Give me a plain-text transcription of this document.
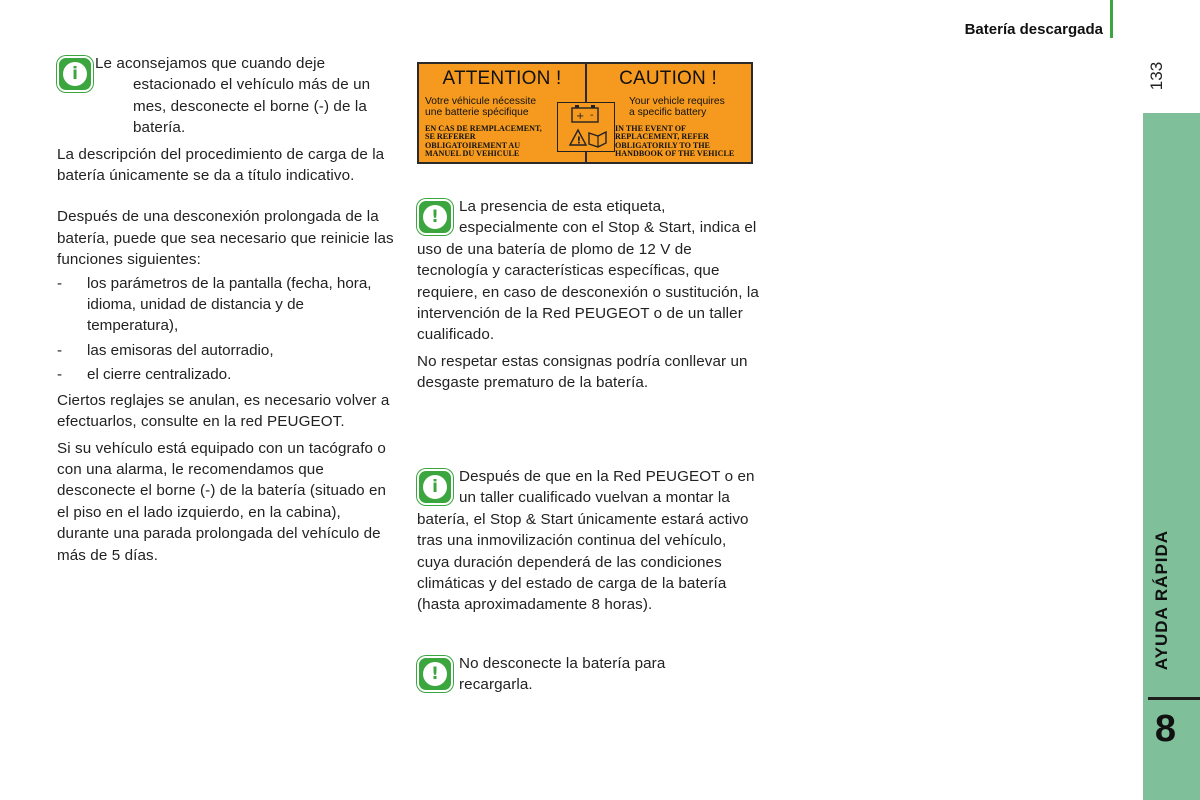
Batería descargada
133
AYUDA RÁPIDA
8
i

Le aconsejamos que cuando deje estacionado el vehículo más de un mes, desconecte el borne (-) de la batería.

La descripción del procedimiento de carga de la batería únicamente se da a título indicativo.

Después de una desconexión prolongada de la batería, puede que sea necesario que reinicie las funciones siguientes:

- los parámetros de la pantalla (fecha, hora, idioma, unidad de distancia y de temperatura),
- las emisoras del autorradio,
- el cierre centralizado.

Ciertos reglajes se anulan, es necesario volver a efectuarlos, consulte en la red PEUGEOT.

Si su vehículo está equipado con un tacógrafo o con una alarma, le recomendamos que desconecte el borne (-) de la batería (situado en el piso en el lado izquierdo, en la cabina), durante una parada prolongada del vehículo de más de 5 días.

ATTENTION !
Votre véhicule nécessite
une batterie spécifique
EN CAS DE REMPLACEMENT,
SE REFERER
OBLIGATOIREMENT AU
MANUEL DU VEHICULE
CAUTION !
Your vehicle requires
a specific battery
IN THE EVENT OF
REPLACEMENT, REFER
OBLIGATORILY TO THE
HANDBOOK OF THE VEHICLE
+ -
!
!

La presencia de esta etiqueta, especialmente con el Stop & Start, indica el uso de una batería de plomo de 12 V de tecnología y características específicas, que requiere, en caso de desconexión o sustitución, la intervención de la Red PEUGEOT o de un taller cualificado.

No respetar estas consignas podría conllevar un desgaste prematuro de la batería.

i

Después de que en la Red PEUGEOT o en un taller cualificado vuelvan a montar la batería, el Stop & Start únicamente estará activo tras una inmovilización continua del vehículo, cuya duración dependerá de las condiciones climáticas y del estado de carga de la batería (hasta aproximadamente 8 horas).

!

No desconecte la batería para recargarla.
